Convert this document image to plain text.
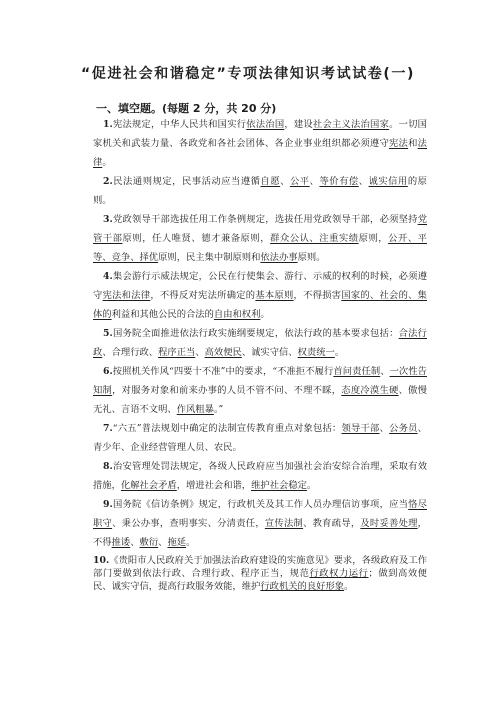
“促进社会和谐稳定”专项法律知识考试试卷(一)
一、填空题。(每题 2 分，共 20 分)

1.宪法规定，中华人民共和国实行依法治国，建设社会主义法治国家。一切国家机关和武装力量、各政党和各社会团体、各企业事业组织都必须遵守宪法和法律。

2.民法通则规定，民事活动应当遵循自愿、公平、等价有偿、诚实信用的原则。

3.党政领导干部选拔任用工作条例规定，选拔任用党政领导干部，必须坚持党管干部原则，任人唯贤、德才兼备原则，群众公认、注重实绩原则，公开、平等、竞争、择优原则，民主集中制原则和依法办事原则。

4.集会游行示威法规定，公民在行使集会、游行、示威的权利的时候，必须遵守宪法和法律，不得反对宪法所确定的基本原则，不得损害国家的、社会的、集体的利益和其他公民的合法的自由和权利。

5.国务院全面推进依法行政实施纲要规定，依法行政的基本要求包括：合法行政、合理行政、程序正当、高效便民、诚实守信、权责统一。

6.按照机关作风“四要十不准”中的要求，“不准拒不履行首问责任制、一次性告知制，对服务对象和前来办事的人员不管不问、不理不睬，态度冷漠生硬、傲慢无礼、言语不文明、作风粗暴。”

7.“六五”普法规划中确定的法制宣传教育重点对象包括：领导干部、公务员、青少年、企业经营管理人员、农民。

8.治安管理处罚法规定，各级人民政府应当加强社会治安综合治理，采取有效措施，化解社会矛盾，增进社会和谐，维护社会稳定。

9.国务院《信访条例》规定，行政机关及其工作人员办理信访事项，应当恪尽职守、秉公办事，查明事实、分清责任，宣传法制、教育疏导，及时妥善处理，不得推诿、敷衍、拖延。

10.《贵阳市人民政府关于加强法治政府建设的实施意见》要求，各级政府及工作部门要做到依法行政、合理行政、程序正当，规范行政权力运行；做到高效便民、诚实守信，提高行政服务效能，维护行政机关的良好形象。
